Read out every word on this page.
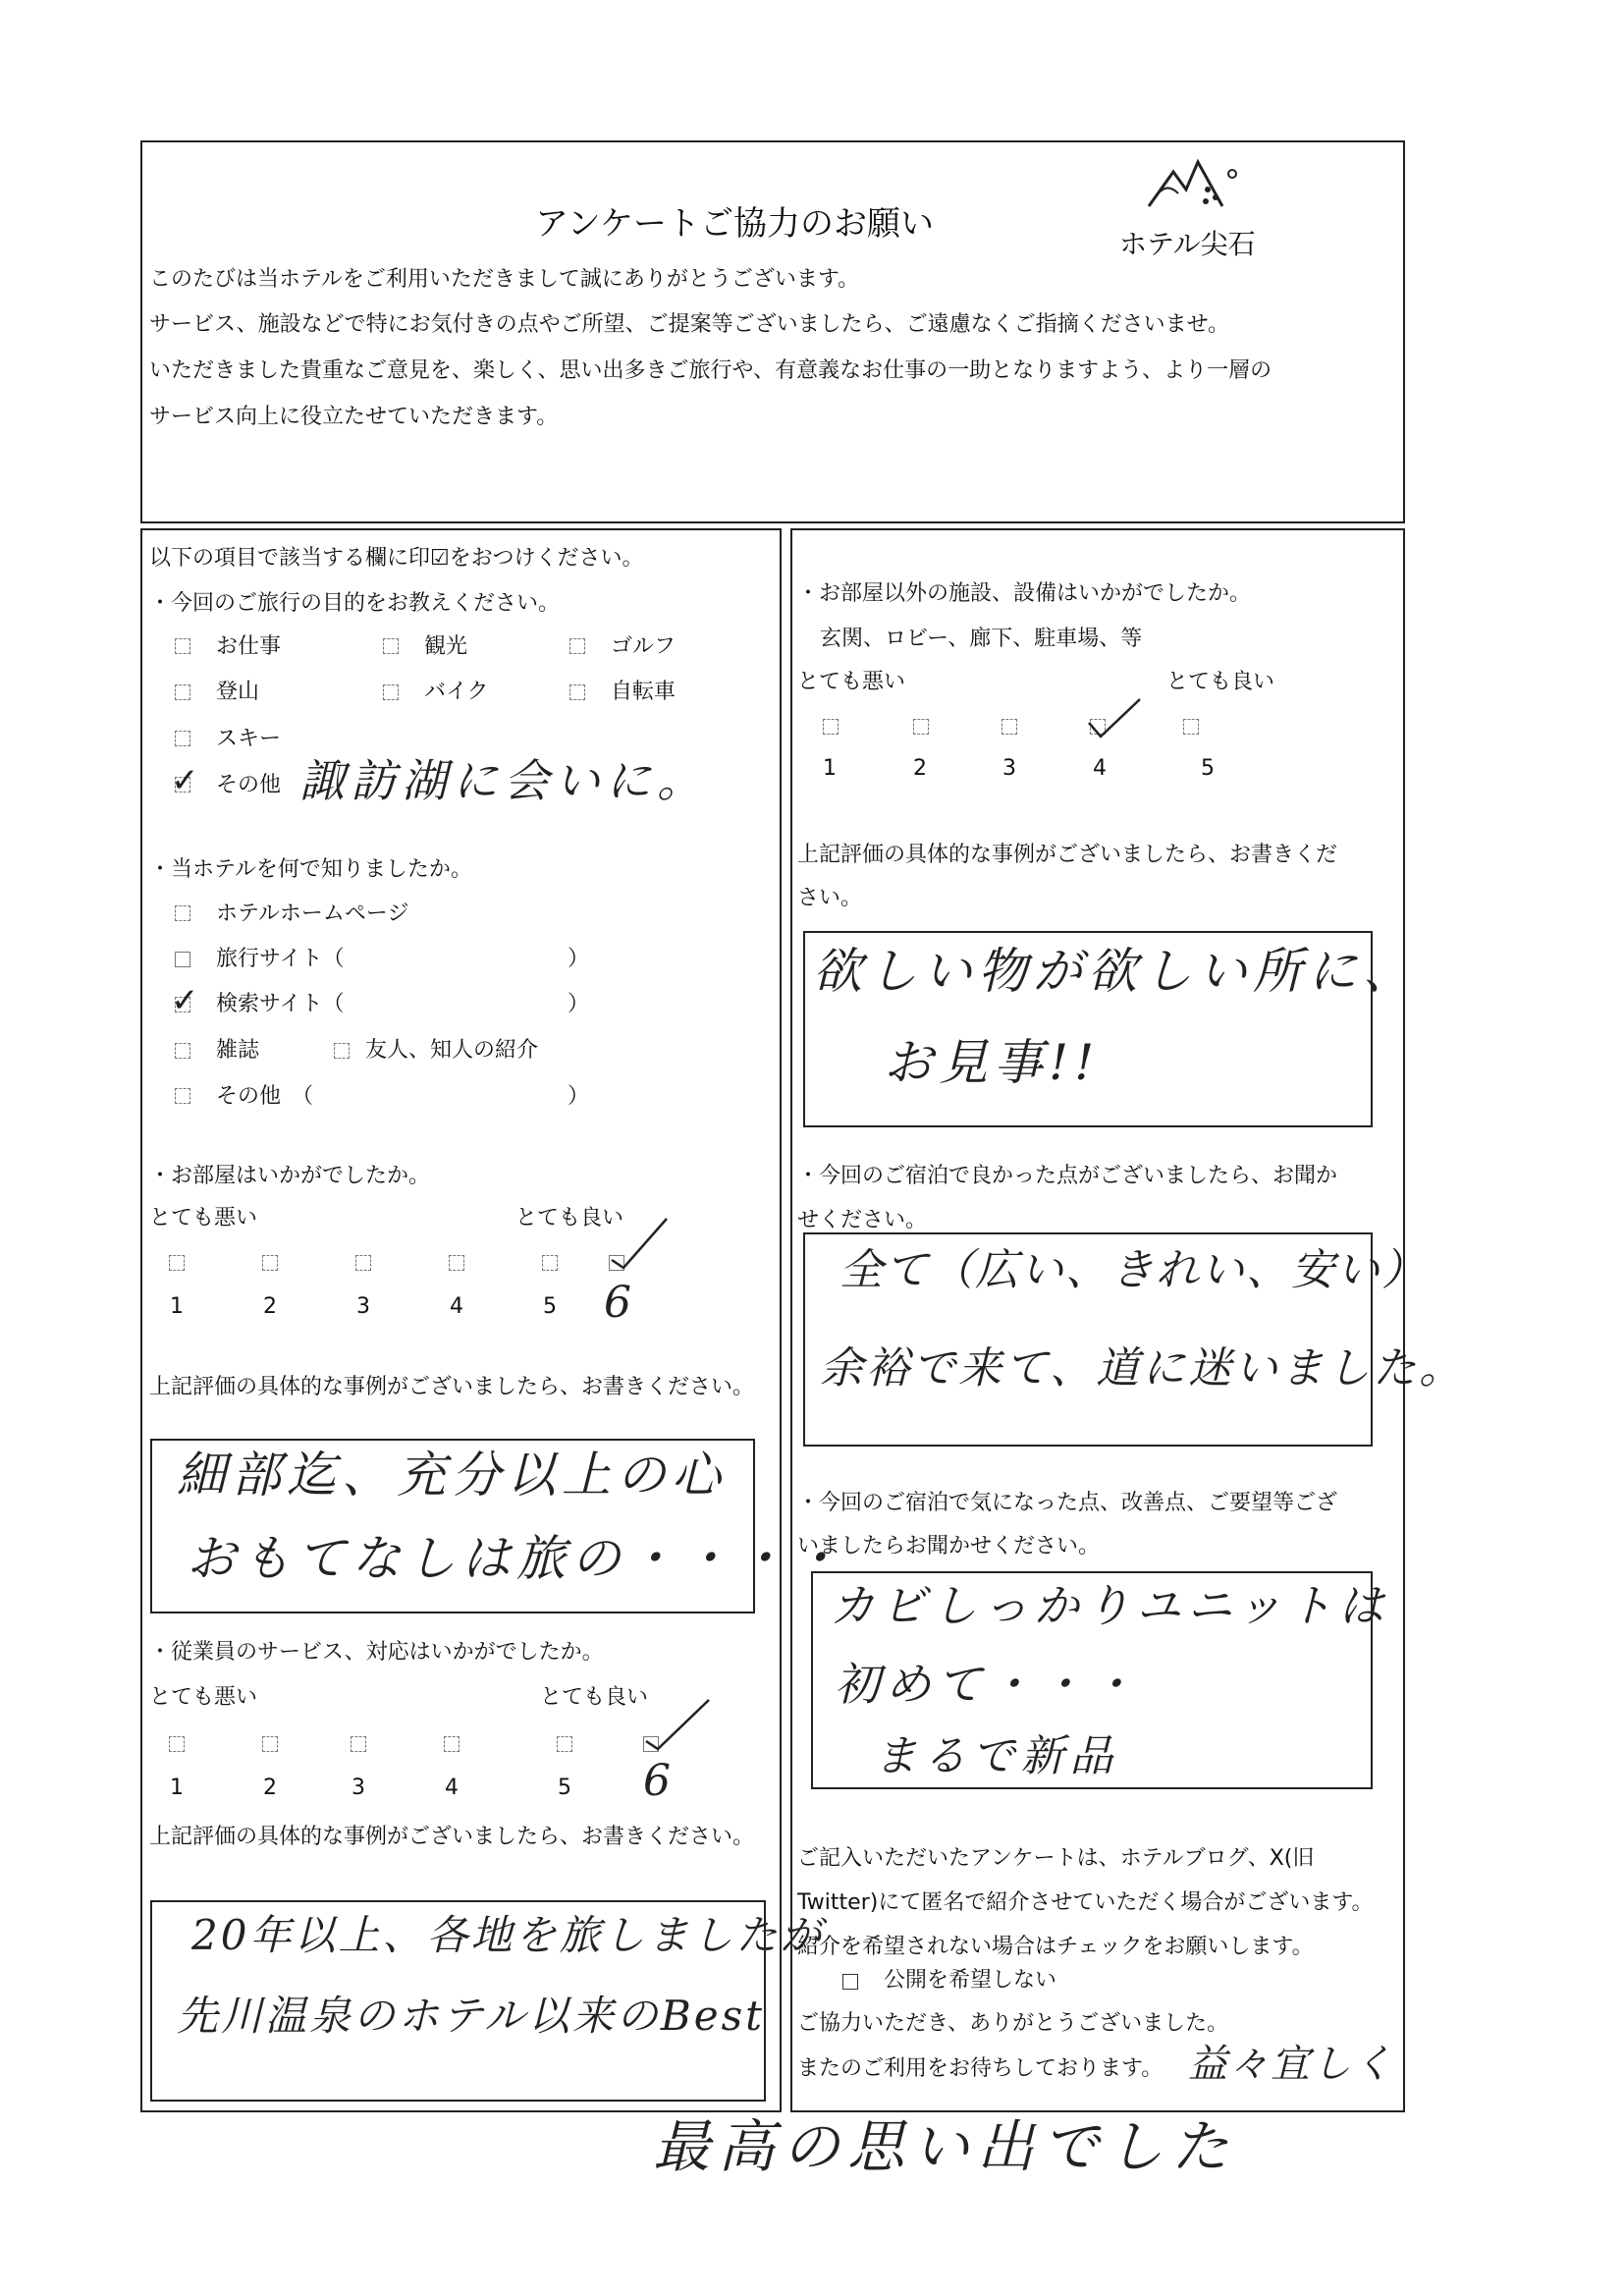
アンケートご協力のお願い
ホテル尖石
このたびは当ホテルをご利用いただきまして誠にありがとうございます。
サービス、施設などで特にお気付きの点やご所望、ご提案等ございましたら、ご遠慮なくご指摘くださいませ。
いただきました貴重なご意見を、楽しく、思い出多きご旅行や、有意義なお仕事の一助となりますよう、より一層の
サービス向上に役立たせていただきます。
以下の項目で該当する欄に印☑をおつけください。
・今回のご旅行の目的をお教えください。
お仕事	観光	ゴルフ
登山	バイク	自転車
スキー
✓ その他 諏訪湖に会いに。
・当ホテルを何で知りましたか。
ホテルホームページ
旅行サイト（	）
✓ 検索サイト（	）
雑誌	友人、知人の紹介
その他　（	）
・お部屋はいかがでしたか。
とても悪い	とても良い
1	2	3	4	5 6
上記評価の具体的な事例がございましたら、お書きください。
細部迄、充分以上の心
おもてなしは旅の・・・・
・従業員のサービス、対応はいかがでしたか。
とても悪い	とても良い
1	2	3	4	5 6
上記評価の具体的な事例がございましたら、お書きください。
20年以上、各地を旅しましたが
先川温泉のホテル以来のBest
・お部屋以外の施設、設備はいかがでしたか。
玄関、ロビー、廊下、駐車場、等
とても悪い	とても良い
1	2	3	4	5
上記評価の具体的な事例がございましたら、お書きくだ
さい。
欲しい物が欲しい所に、
お見事!!
・今回のご宿泊で良かった点がございましたら、お聞か
せください。
全て（広い、きれい、安い）
余裕で来て、道に迷いました。
・今回のご宿泊で気になった点、改善点、ご要望等ござ
いましたらお聞かせください。
カビしっかりユニットは
初めて・・・
まるで新品
ご記入いただいたアンケートは、ホテルブログ、X(旧
Twitter)にて匿名で紹介させていただく場合がございます。
紹介を希望されない場合はチェックをお願いします。
公開を希望しない
ご協力いただき、ありがとうございました。
またのご利用をお待ちしております。 益々宜しく
最高の思い出でした
